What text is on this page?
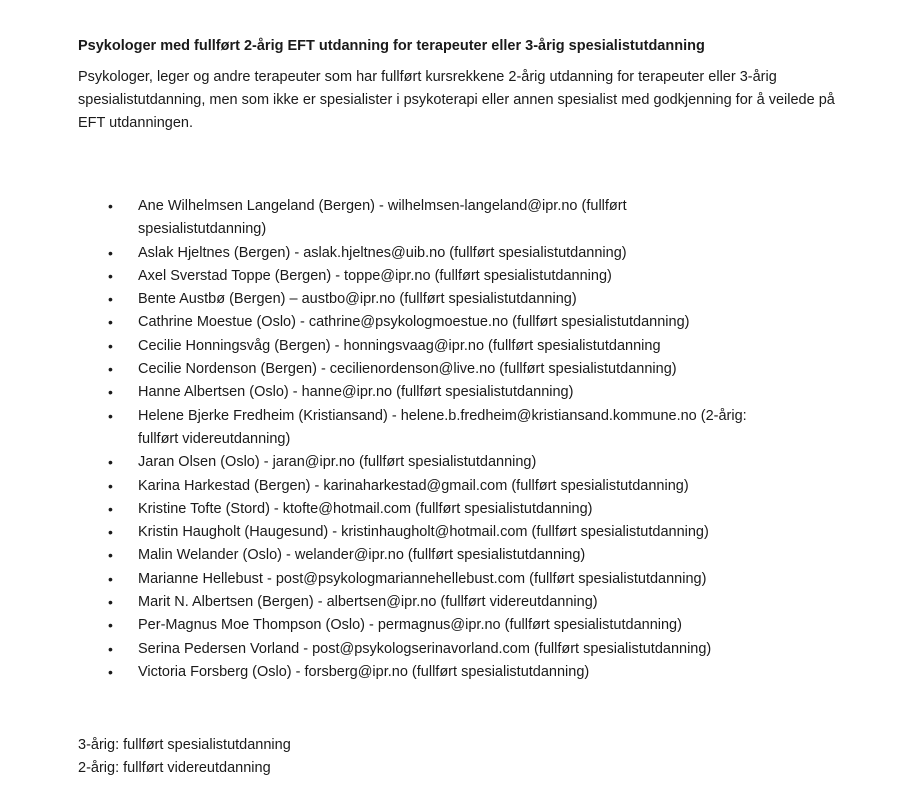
Psykologer med fullført 2-årig EFT utdanning for terapeuter eller 3-årig spesialistutdanning

Psykologer, leger og andre terapeuter som har fullført kursrekkene 2-årig utdanning for terapeuter eller 3-årig spesialistutdanning, men som ikke er spesialister i psykoterapi eller annen spesialist med godkjenning for å veilede på EFT utdanningen.

• Ane Wilhelmsen Langeland (Bergen) - wilhelmsen-langeland@ipr.no (fullført spesialistutdanning)
• Aslak Hjeltnes (Bergen) - aslak.hjeltnes@uib.no (fullført spesialistutdanning)
• Axel Sverstad Toppe (Bergen) - toppe@ipr.no (fullført spesialistutdanning)
• Bente Austbø (Bergen) – austbo@ipr.no (fullført spesialistutdanning)
• Cathrine Moestue (Oslo) - cathrine@psykologmoestue.no (fullført spesialistutdanning)
• Cecilie Honningsvåg (Bergen) - honningsvaag@ipr.no (fullført spesialistutdanning
• Cecilie Nordenson (Bergen) - cecilienordenson@live.no (fullført spesialistutdanning)
• Hanne Albertsen (Oslo) - hanne@ipr.no (fullført spesialistutdanning)
• Helene Bjerke Fredheim (Kristiansand) - helene.b.fredheim@kristiansand.kommune.no (2-årig: fullført videreutdanning)
• Jaran Olsen (Oslo) - jaran@ipr.no (fullført spesialistutdanning)
• Karina Harkestad (Bergen) - karinaharkestad@gmail.com (fullført spesialistutdanning)
• Kristine Tofte (Stord) - ktofte@hotmail.com (fullført spesialistutdanning)
• Kristin Haugholt (Haugesund) - kristinhaugholt@hotmail.com (fullført spesialistutdanning)
• Malin Welander (Oslo) - welander@ipr.no (fullført spesialistutdanning)
• Marianne Hellebust - post@psykologmariannehellebust.com (fullført spesialistutdanning)
• Marit N. Albertsen (Bergen) - albertsen@ipr.no (fullført videreutdanning)
• Per-Magnus Moe Thompson (Oslo) - permagnus@ipr.no (fullført spesialistutdanning)
• Serina Pedersen Vorland - post@psykologserinavorland.com (fullført spesialistutdanning)
• Victoria Forsberg (Oslo) - forsberg@ipr.no (fullført spesialistutdanning)
3-årig: fullført spesialistutdanning
2-årig: fullført videreutdanning
